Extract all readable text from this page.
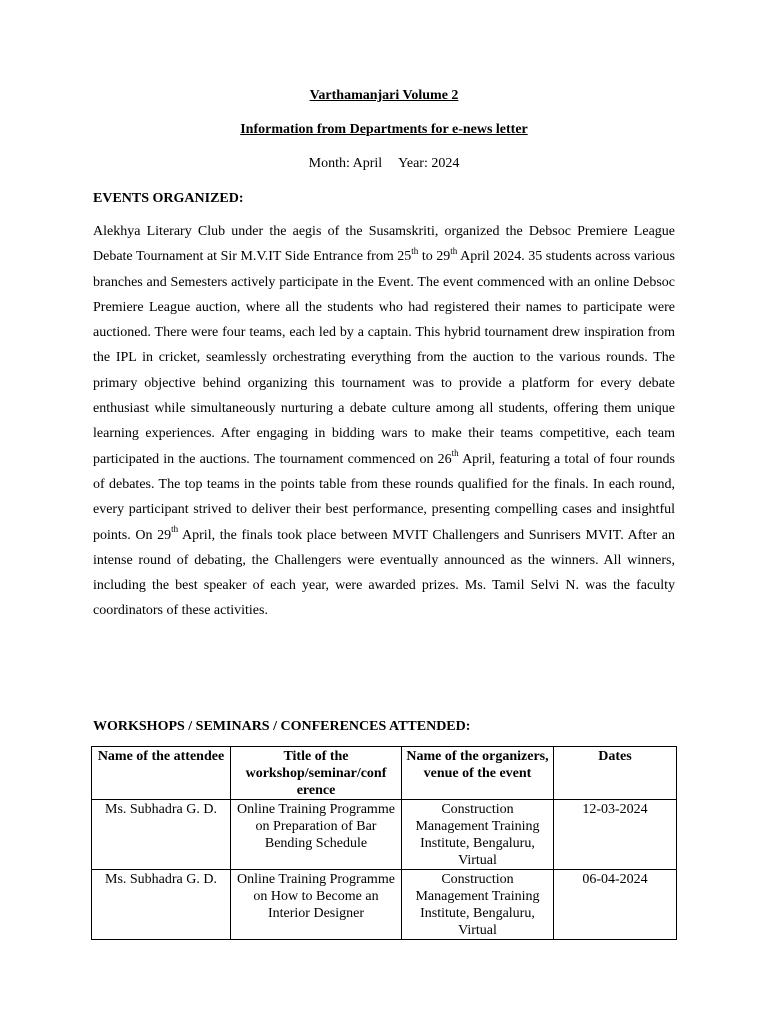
Varthamanjari Volume 2
Information from Departments for e-news letter
Month: April Year: 2024
EVENTS ORGANIZED:

Alekhya Literary Club under the aegis of the Susamskriti, organized the Debsoc Premiere League Debate Tournament at Sir M.V.IT Side Entrance from 25th to 29th April 2024. 35 students across various branches and Semesters actively participate in the Event. The event commenced with an online Debsoc Premiere League auction, where all the students who had registered their names to participate were auctioned. There were four teams, each led by a captain. This hybrid tournament drew inspiration from the IPL in cricket, seamlessly orchestrating everything from the auction to the various rounds. The primary objective behind organizing this tournament was to provide a platform for every debate enthusiast while simultaneously nurturing a debate culture among all students, offering them unique learning experiences. After engaging in bidding wars to make their teams competitive, each team participated in the auctions. The tournament commenced on 26th April, featuring a total of four rounds of debates. The top teams in the points table from these rounds qualified for the finals. In each round, every participant strived to deliver their best performance, presenting compelling cases and insightful points. On 29th April, the finals took place between MVIT Challengers and Sunrisers MVIT. After an intense round of debating, the Challengers were eventually announced as the winners. All winners, including the best speaker of each year, were awarded prizes. Ms. Tamil Selvi N. was the faculty coordinators of these activities.

WORKSHOPS / SEMINARS / CONFERENCES ATTENDED:
Name of the attendee	Title of the workshop/seminar/conf erence	Name of the organizers, venue of the event	Dates
Ms. Subhadra G. D.	Online Training Programme on Preparation of Bar Bending Schedule	Construction Management Training Institute, Bengaluru, Virtual	12-03-2024
Ms. Subhadra G. D.	Online Training Programme on How to Become an Interior Designer	Construction Management Training Institute, Bengaluru, Virtual	06-04-2024
